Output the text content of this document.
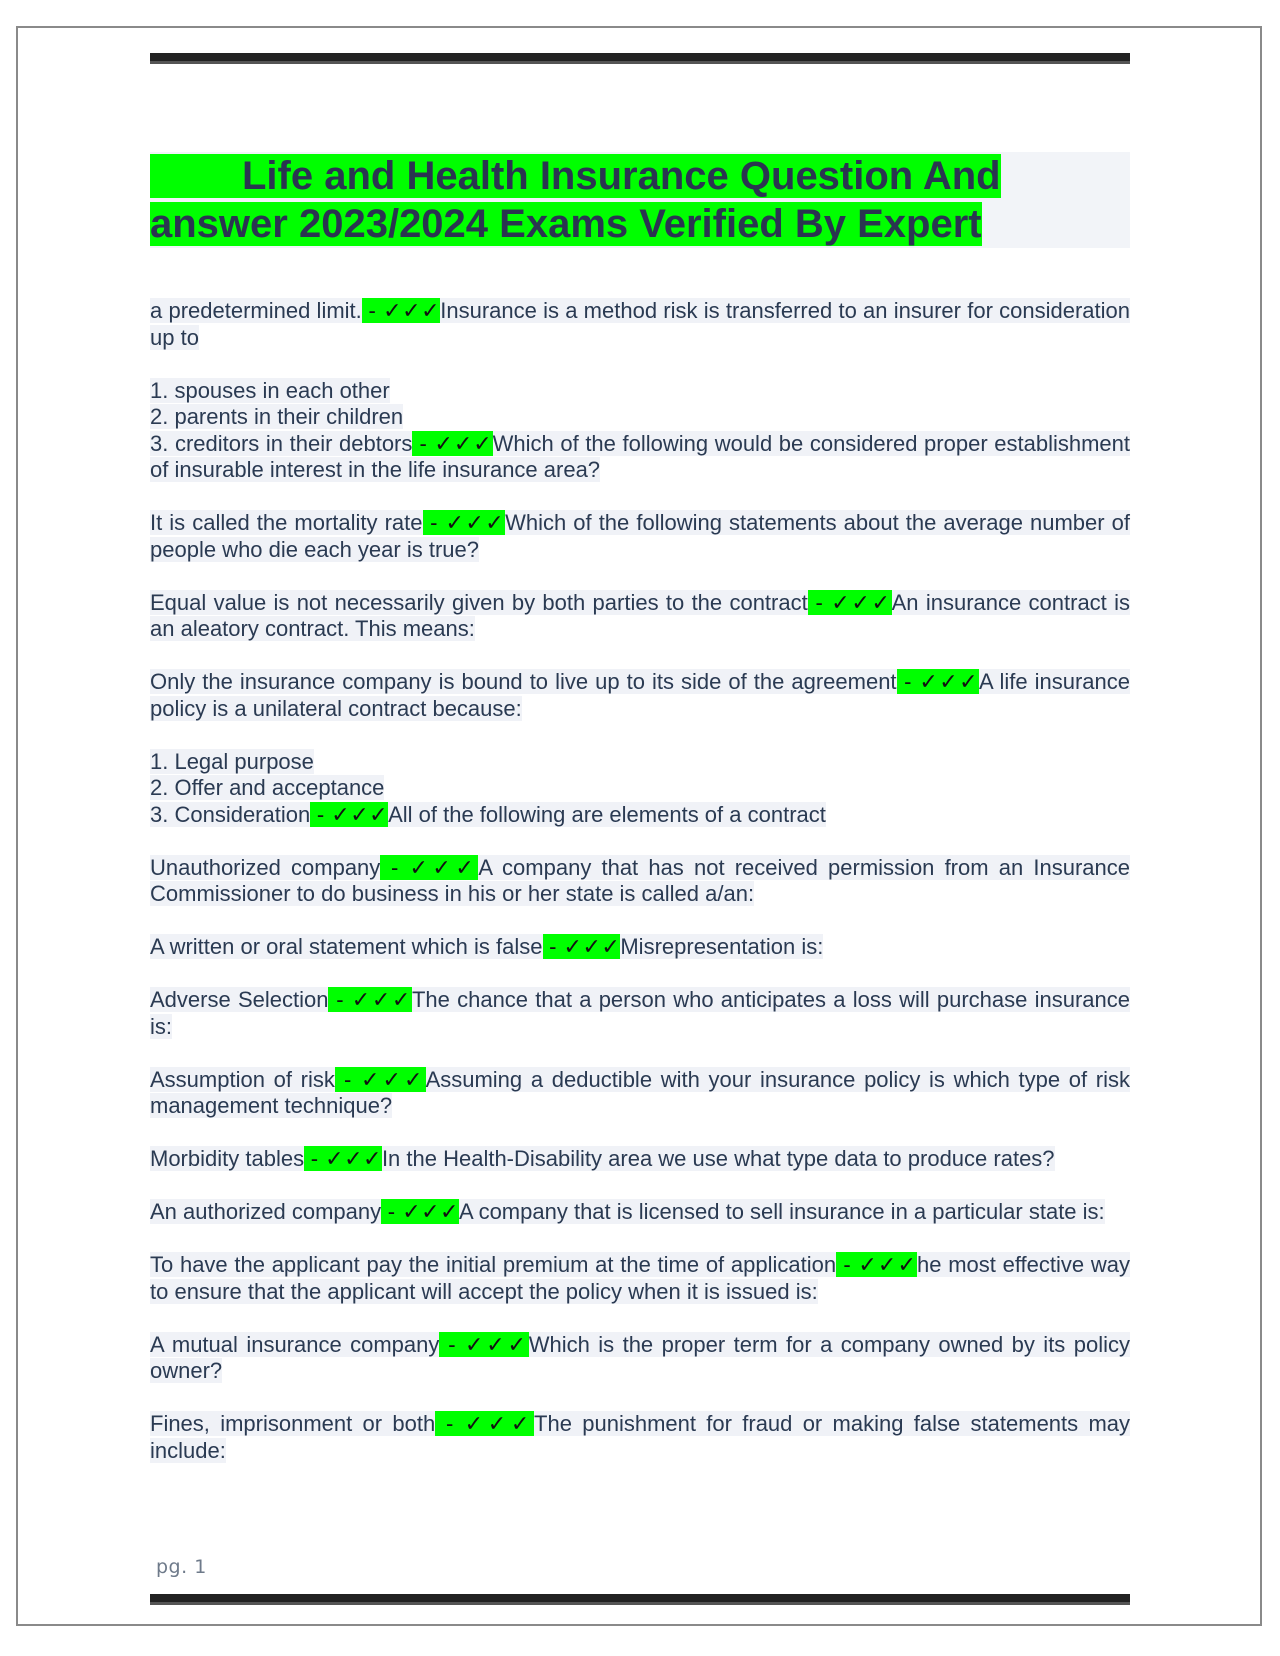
Life and Health Insurance Question And
answer 2023/2024 Exams Verified By Expert
a predetermined limit. - ✓✓✓Insurance is a method risk is transferred to an insurer for consideration up to
1. spouses in each other
2. parents in their children
3. creditors in their debtors - ✓✓✓Which of the following would be considered proper establishment of insurable interest in the life insurance area?
It is called the mortality rate - ✓✓✓Which of the following statements about the average number of people who die each year is true?
Equal value is not necessarily given by both parties to the contract - ✓✓✓An insurance contract is an aleatory contract. This means:
Only the insurance company is bound to live up to its side of the agreement - ✓✓✓A life insurance policy is a unilateral contract because:
1. Legal purpose
2. Offer and acceptance
3. Consideration - ✓✓✓All of the following are elements of a contract
Unauthorized company - ✓✓✓A company that has not received permission from an Insurance Commissioner to do business in his or her state is called a/an:
A written or oral statement which is false - ✓✓✓Misrepresentation is:
Adverse Selection - ✓✓✓The chance that a person who anticipates a loss will purchase insurance is:
Assumption of risk - ✓✓✓Assuming a deductible with your insurance policy is which type of risk management technique?
Morbidity tables - ✓✓✓In the Health-Disability area we use what type data to produce rates?
An authorized company - ✓✓✓A company that is licensed to sell insurance in a particular state is:
To have the applicant pay the initial premium at the time of application - ✓✓✓he most effective way to ensure that the applicant will accept the policy when it is issued is:
A mutual insurance company - ✓✓✓Which is the proper term for a company owned by its policy owner?
Fines, imprisonment or both - ✓✓✓The punishment for fraud or making false statements may include:
pg. 1
